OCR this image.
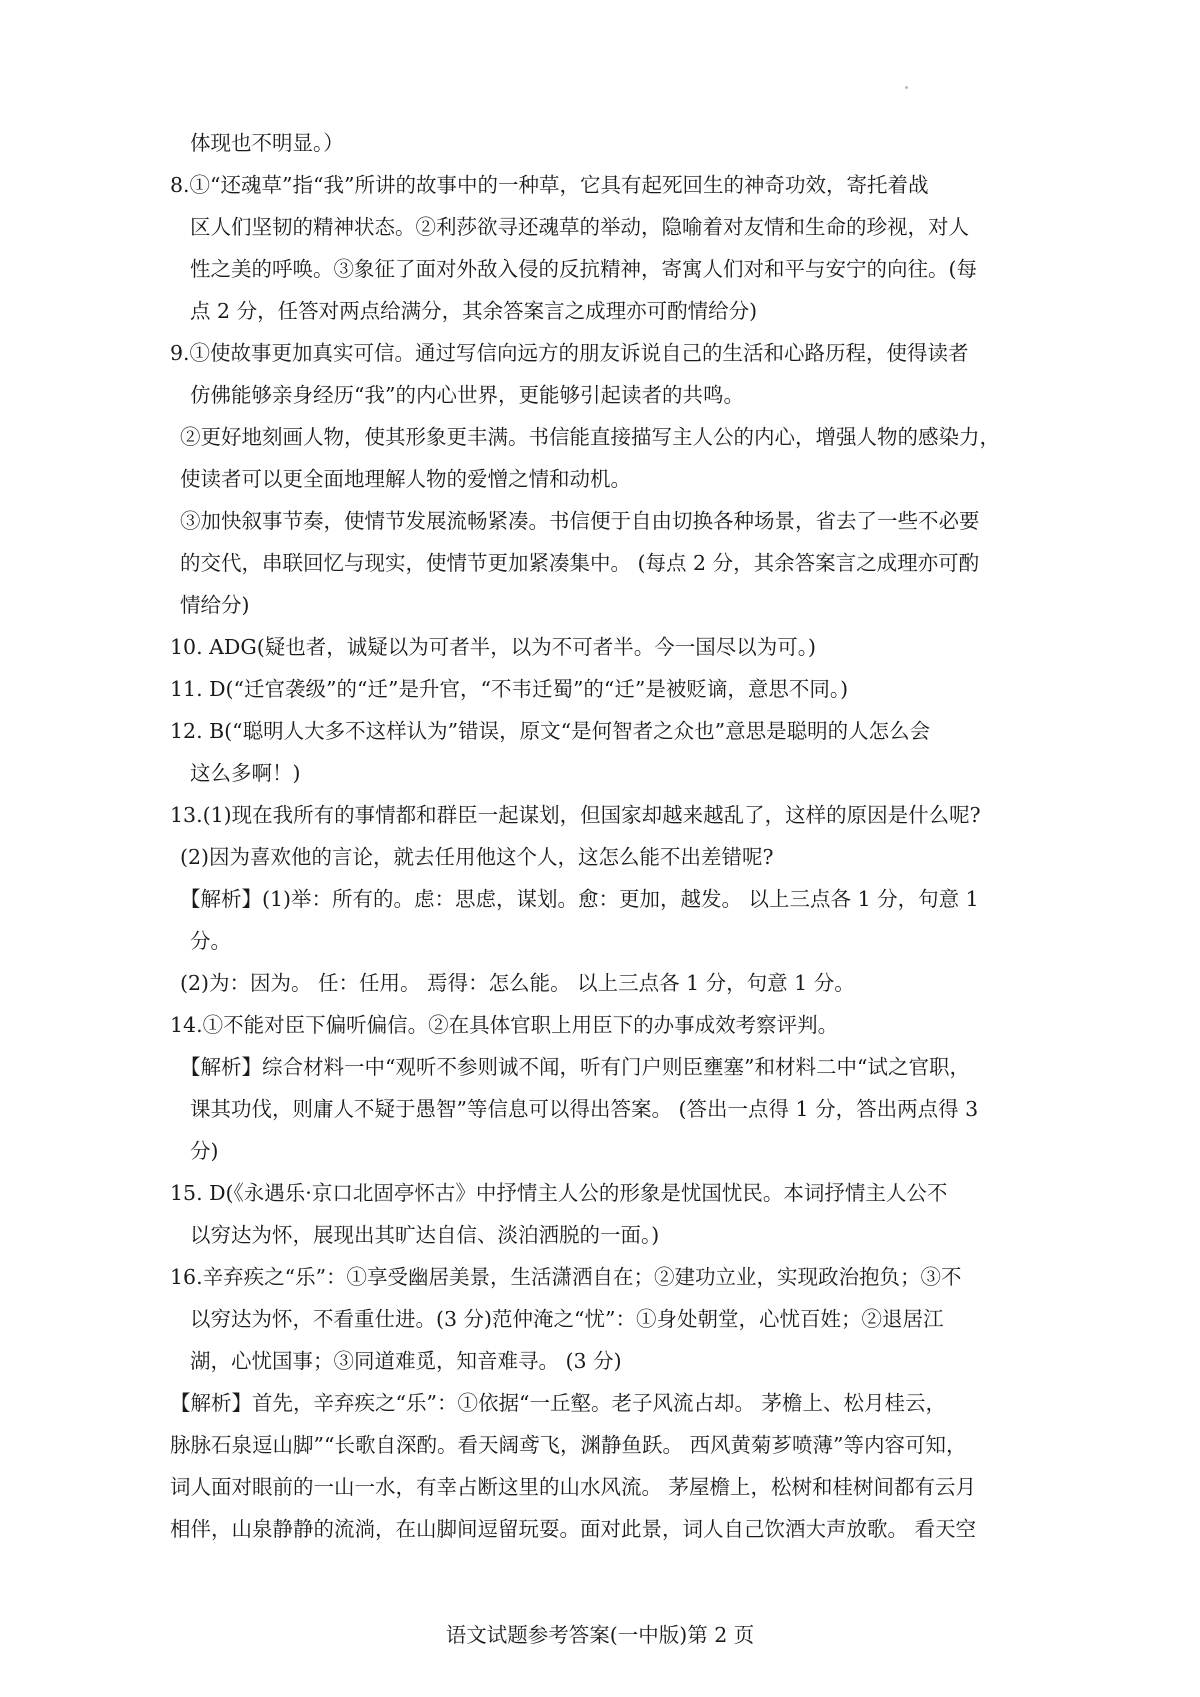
体现也不明显。）
8.①“还魂草”指“我”所讲的故事中的一种草，它具有起死回生的神奇功效，寄托着战
区人们坚韧的精神状态。②利莎欲寻还魂草的举动，隐喻着对友情和生命的珍视，对人
性之美的呼唤。③象征了面对外敌入侵的反抗精神，寄寓人们对和平与安宁的向往。(每
点 2 分，任答对两点给满分，其余答案言之成理亦可酌情给分)
9.①使故事更加真实可信。通过写信向远方的朋友诉说自己的生活和心路历程，使得读者
仿佛能够亲身经历“我”的内心世界，更能够引起读者的共鸣。
②更好地刻画人物，使其形象更丰满。书信能直接描写主人公的内心，增强人物的感染力，
使读者可以更全面地理解人物的爱憎之情和动机。
③加快叙事节奏，使情节发展流畅紧凑。书信便于自由切换各种场景，省去了一些不必要
的交代，串联回忆与现实，使情节更加紧凑集中。 (每点 2 分，其余答案言之成理亦可酌
情给分)
10. ADG(疑也者，诚疑以为可者半，以为不可者半。今一国尽以为可。)
11. D(“迁官袭级”的“迁”是升官，“不韦迁蜀”的“迁”是被贬谪，意思不同。)
12. B(“聪明人大多不这样认为”错误，原文“是何智者之众也”意思是聪明的人怎么会
这么多啊！)
13.(1)现在我所有的事情都和群臣一起谋划，但国家却越来越乱了，这样的原因是什么呢?
(2)因为喜欢他的言论，就去任用他这个人，这怎么能不出差错呢?
【解析】(1)举：所有的。虑：思虑，谋划。愈：更加，越发。 以上三点各 1 分，句意 1
分。
(2)为：因为。 任：任用。 焉得：怎么能。 以上三点各 1 分，句意 1 分。
14.①不能对臣下偏听偏信。②在具体官职上用臣下的办事成效考察评判。
【解析】综合材料一中“观听不参则诚不闻，听有门户则臣壅塞”和材料二中“试之官职，
课其功伐，则庸人不疑于愚智”等信息可以得出答案。 (答出一点得 1 分，答出两点得 3
分)
15. D(《永遇乐·京口北固亭怀古》中抒情主人公的形象是忧国忧民。本词抒情主人公不
以穷达为怀，展现出其旷达自信、淡泊洒脱的一面。)
16.辛弃疾之“乐”：①享受幽居美景，生活潇洒自在；②建功立业，实现政治抱负；③不
以穷达为怀，不看重仕进。(3 分)范仲淹之“忧”：①身处朝堂，心忧百姓；②退居江
湖，心忧国事；③同道难觅，知音难寻。 (3 分)
【解析】首先，辛弃疾之“乐”：①依据“一丘壑。老子风流占却。 茅檐上、松月桂云，
脉脉石泉逗山脚”“长歌自深酌。看天阔鸢飞，渊静鱼跃。 西风黄菊芗喷薄”等内容可知，
词人面对眼前的一山一水，有幸占断这里的山水风流。 茅屋檐上，松树和桂树间都有云月
相伴，山泉静静的流淌，在山脚间逗留玩耍。面对此景，词人自己饮酒大声放歌。 看天空
语文试题参考答案(一中版)第 2 页
